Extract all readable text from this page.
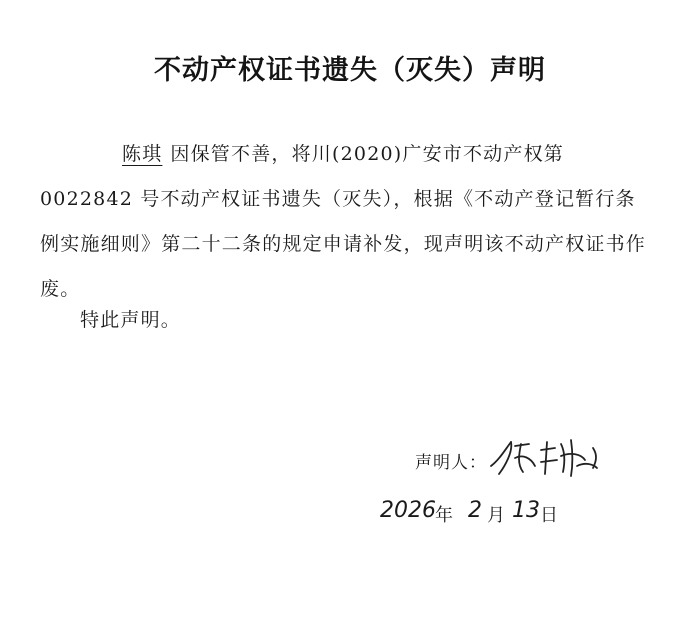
不动产权证书遗失（灭失）声明
陈琪 因保管不善，将川(2020)广安市不动产权第 0022842 号不动产权证书遗失（灭失），根据《不动产登记暂行条例实施细则》第二十二条的规定申请补发，现声明该不动产权证书作废。
特此声明。
声明人：
2026 年 2 月 13 日
